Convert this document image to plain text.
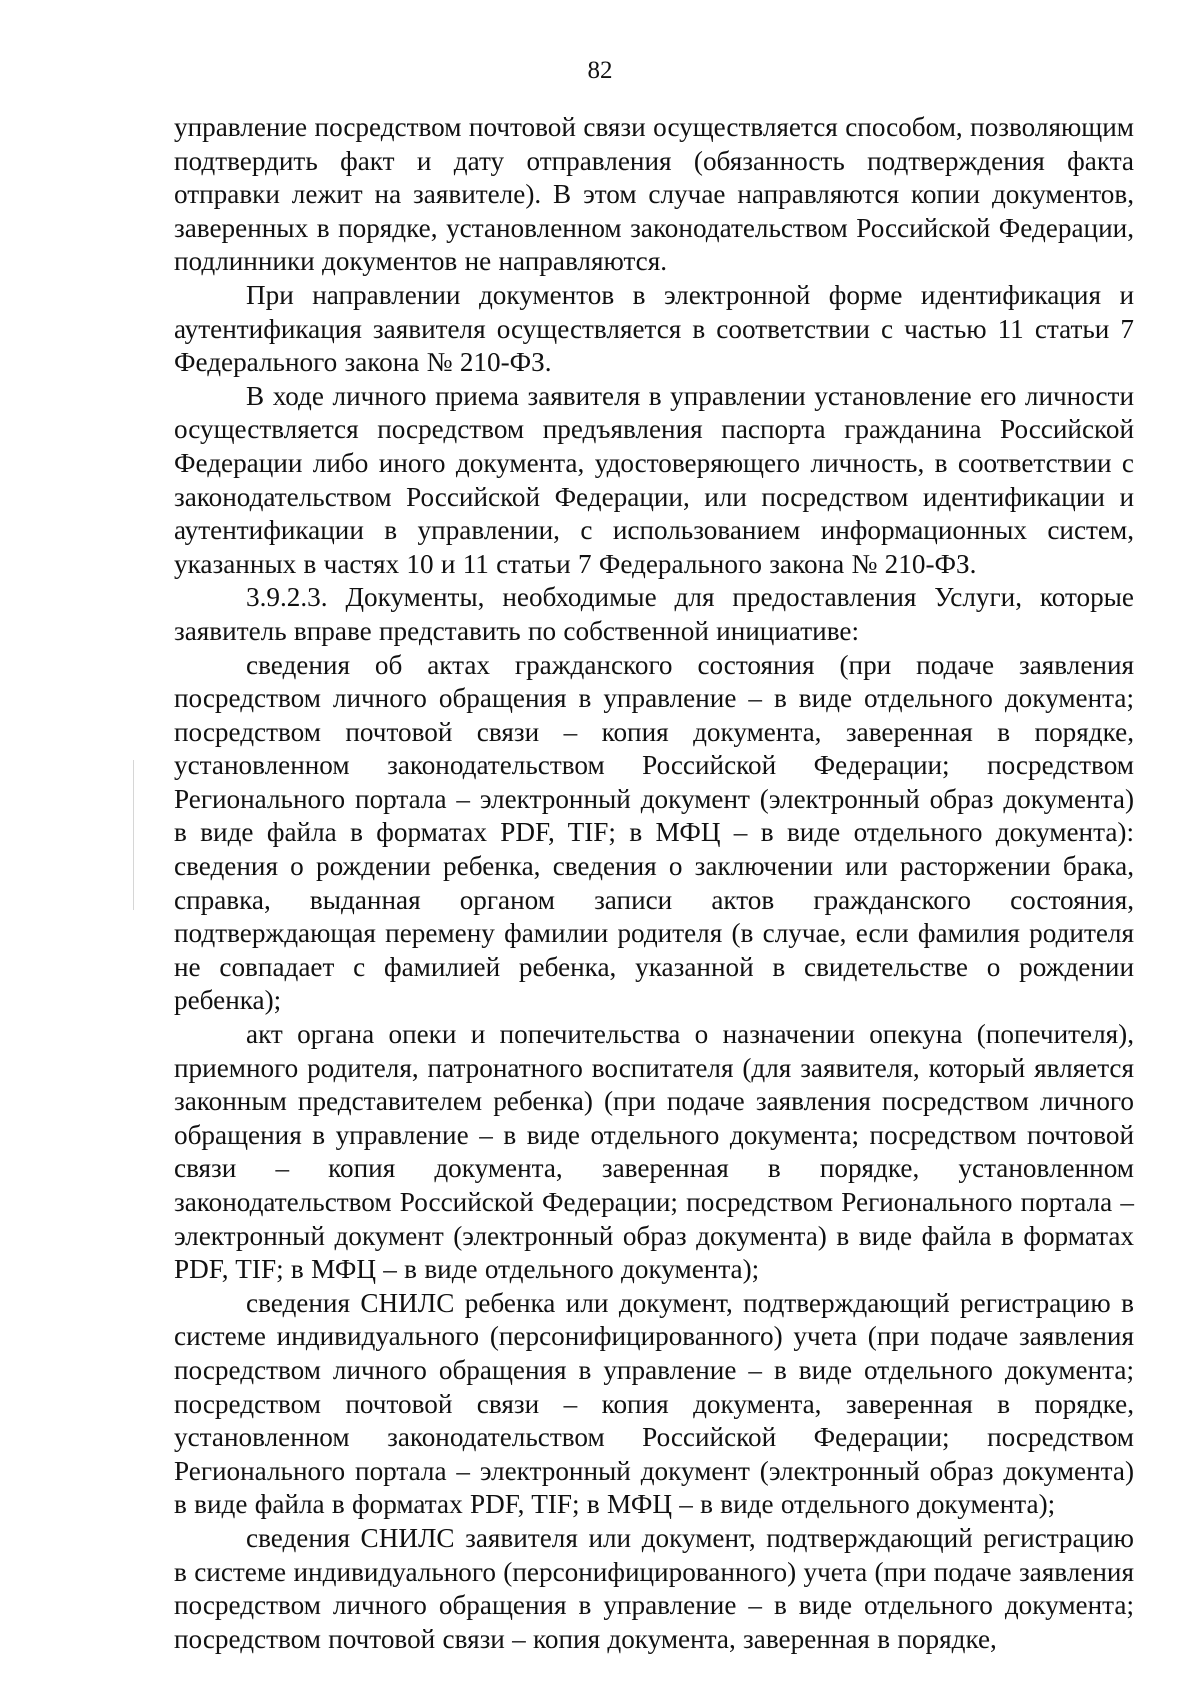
82

управление посредством почтовой связи осуществляется способом, позволяющим подтвердить факт и дату отправления (обязанность подтверждения факта отправки лежит на заявителе). В этом случае направляются копии документов, заверенных в порядке, установленном законодательством Российской Федерации, подлинники документов не направляются.

При направлении документов в электронной форме идентификация и аутентификация заявителя осуществляется в соответствии с частью 11 статьи 7 Федерального закона № 210-ФЗ.

В ходе личного приема заявителя в управлении установление его личности осуществляется посредством предъявления паспорта гражданина Российской Федерации либо иного документа, удостоверяющего личность, в соответствии с законодательством Российской Федерации, или посредством идентификации и аутентификации в управлении, с использованием информационных систем, указанных в частях 10 и 11 статьи 7 Федерального закона № 210-ФЗ.

3.9.2.3. Документы, необходимые для предоставления Услуги, которые заявитель вправе представить по собственной инициативе:

сведения об актах гражданского состояния (при подаче заявления посредством личного обращения в управление – в виде отдельного документа; посредством почтовой связи – копия документа, заверенная в порядке, установленном законодательством Российской Федерации; посредством Регионального портала – электронный документ (электронный образ документа) в виде файла в форматах PDF, TIF; в МФЦ – в виде отдельного документа): сведения о рождении ребенка, сведения о заключении или расторжении брака, справка, выданная органом записи актов гражданского состояния, подтверждающая перемену фамилии родителя (в случае, если фамилия родителя не совпадает с фамилией ребенка, указанной в свидетельстве о рождении ребенка);

акт органа опеки и попечительства о назначении опекуна (попечителя), приемного родителя, патронатного воспитателя (для заявителя, который является законным представителем ребенка) (при подаче заявления посредством личного обращения в управление – в виде отдельного документа; посредством почтовой связи – копия документа, заверенная в порядке, установленном законодательством Российской Федерации; посредством Регионального портала – электронный документ (электронный образ документа) в виде файла в форматах PDF, TIF; в МФЦ – в виде отдельного документа);

сведения СНИЛС ребенка или документ, подтверждающий регистрацию в системе индивидуального (персонифицированного) учета (при подаче заявления посредством личного обращения в управление – в виде отдельного документа; посредством почтовой связи – копия документа, заверенная в порядке, установленном законодательством Российской Федерации; посредством Регионального портала – электронный документ (электронный образ документа) в виде файла в форматах PDF, TIF; в МФЦ – в виде отдельного документа);

сведения СНИЛС заявителя или документ, подтверждающий регистрацию в системе индивидуального (персонифицированного) учета (при подаче заявления посредством личного обращения в управление – в виде отдельного документа; посредством почтовой связи – копия документа, заверенная в порядке,
